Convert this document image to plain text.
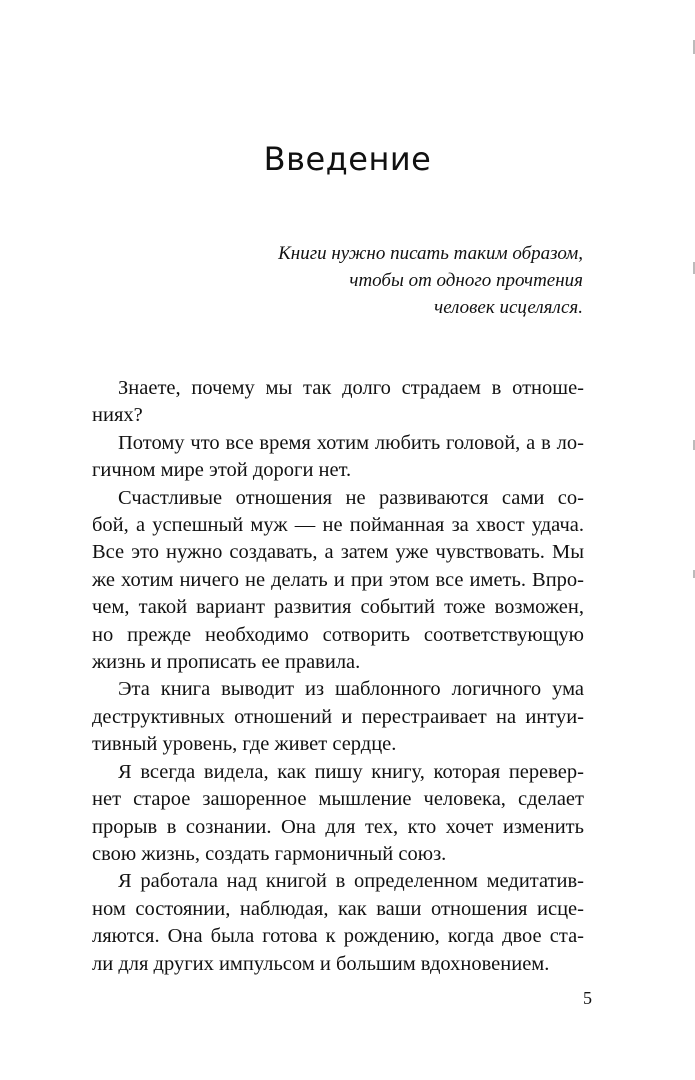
Введение
Книги нужно писать таким образом,
чтобы от одного прочтения
человек исцелялся.
Знаете, почему мы так долго страдаем в отноше-
ниях?
Потому что все время хотим любить головой, а в ло-
гичном мире этой дороги нет.
Счастливые отношения не развиваются сами со-
бой, а успешный муж — не пойманная за хвост удача.
Все это нужно создавать, а затем уже чувствовать. Мы
же хотим ничего не делать и при этом все иметь. Впро-
чем, такой вариант развития событий тоже возможен,
но прежде необходимо сотворить соответствующую
жизнь и прописать ее правила.
Эта книга выводит из шаблонного логичного ума
деструктивных отношений и перестраивает на интуи-
тивный уровень, где живет сердце.
Я всегда видела, как пишу книгу, которая перевер-
нет старое зашоренное мышление человека, сделает
прорыв в сознании. Она для тех, кто хочет изменить
свою жизнь, создать гармоничный союз.
Я работала над книгой в определенном медитатив-
ном состоянии, наблюдая, как ваши отношения исце-
ляются. Она была готова к рождению, когда двое ста-
ли для других импульсом и большим вдохновением.
5
